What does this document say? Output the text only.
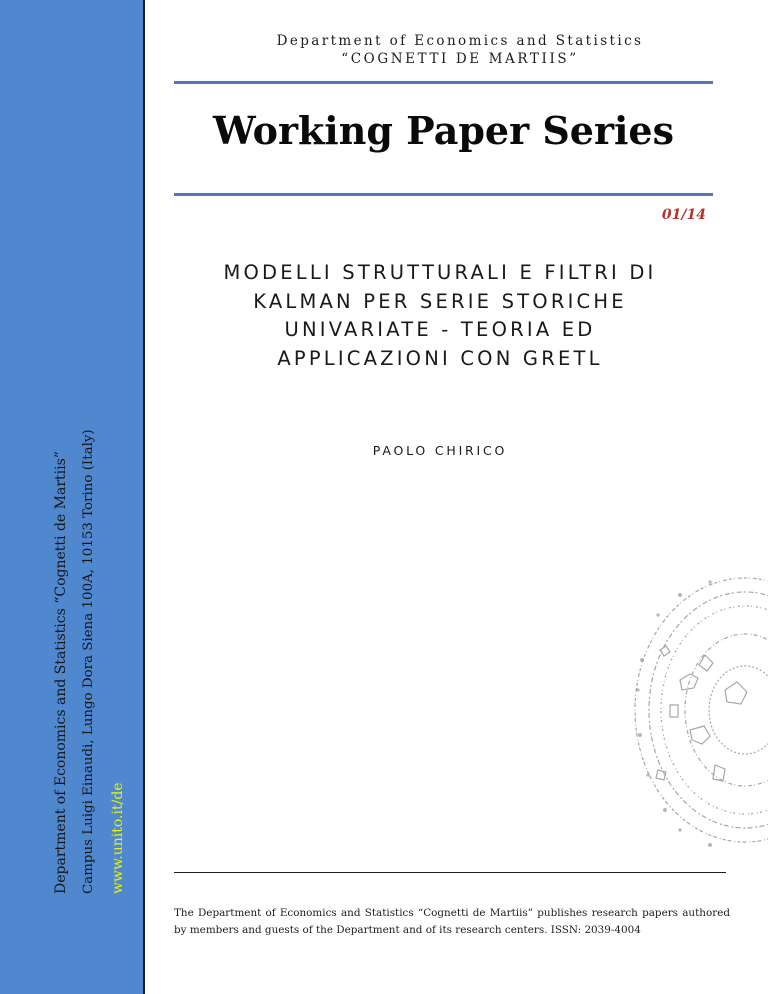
Department of Economics and Statistics “Cognetti de Martiis” Campus Luigi Einaudi, Lungo Dora Siena 100A, 10153 Torino (Italy) www.unito.it/de
Department of Economics and Statistics
“COGNETTI DE MARTIIS”
Working Paper Series
01/14
MODELLI STRUTTURALI E FILTRI DI
KALMAN PER SERIE STORICHE
UNIVARIATE - TEORIA ED
APPLICAZIONI CON GRETL
PAOLO CHIRICO
The Department of Economics and Statistics “Cognetti de Martiis” publishes research papers authored by members and guests of the Department and of its research centers. ISSN: 2039-4004
